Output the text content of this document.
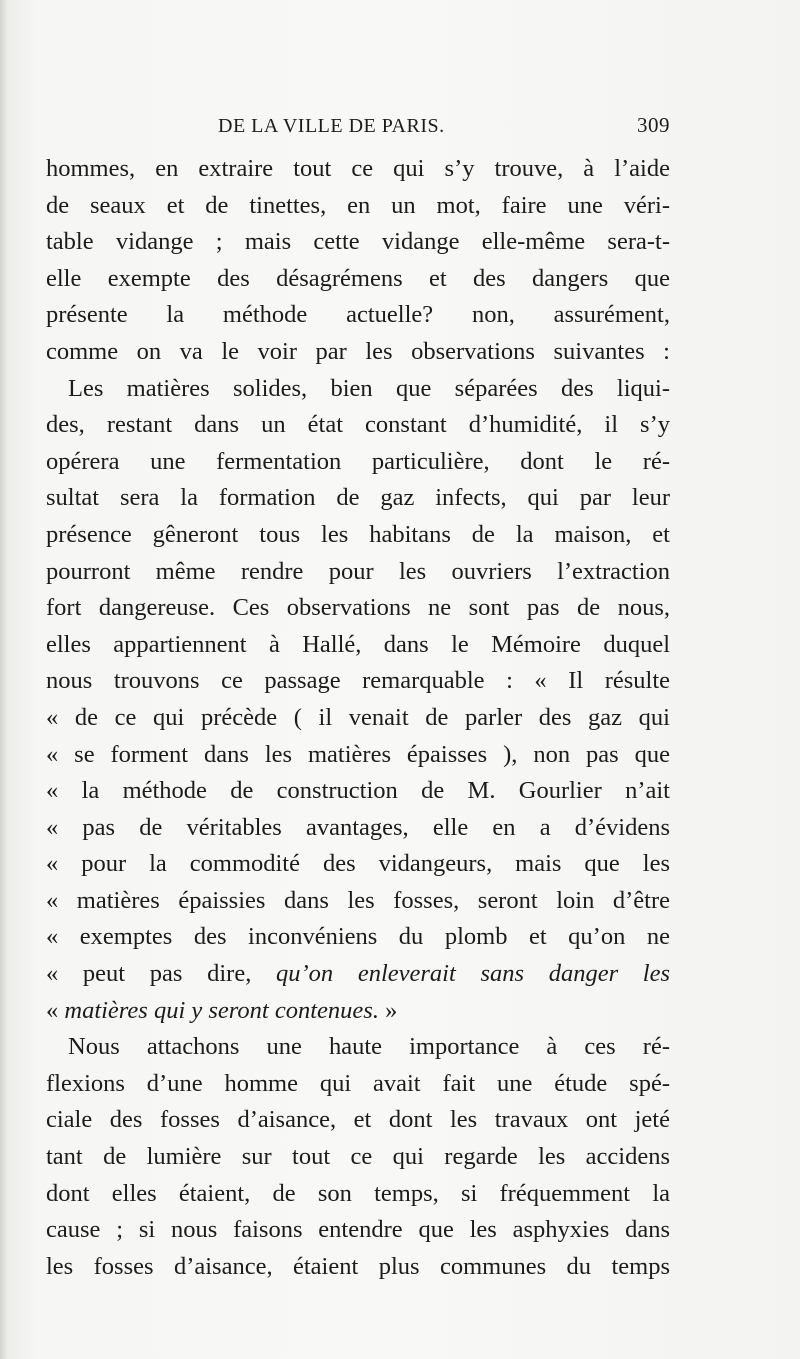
DE LA VILLE DE PARIS.	309
hommes, en extraire tout ce qui s’y trouve, à l’aide
de seaux et de tinettes, en un mot, faire une véri-
table vidange ; mais cette vidange elle-même sera-t-
elle exempte des désagrémens et des dangers que
présente la méthode actuelle? non, assurément,
comme on va le voir par les observations suivantes :
Les matières solides, bien que séparées des liqui-
des, restant dans un état constant d’humidité, il s’y
opérera une fermentation particulière, dont le ré-
sultat sera la formation de gaz infects, qui par leur
présence gêneront tous les habitans de la maison, et
pourront même rendre pour les ouvriers l’extraction
fort dangereuse. Ces observations ne sont pas de nous,
elles appartiennent à Hallé, dans le Mémoire duquel
nous trouvons ce passage remarquable : « Il résulte
« de ce qui précède ( il venait de parler des gaz qui
« se forment dans les matières épaisses ), non pas que
« la méthode de construction de M. Gourlier n’ait
« pas de véritables avantages, elle en a d’évidens
« pour la commodité des vidangeurs, mais que les
« matières épaissies dans les fosses, seront loin d’être
« exemptes des inconvéniens du plomb et qu’on ne
« peut pas dire, qu’on enleverait sans danger les
« matières qui y seront contenues. »
Nous attachons une haute importance à ces ré-
flexions d’une homme qui avait fait une étude spé-
ciale des fosses d’aisance, et dont les travaux ont jeté
tant de lumière sur tout ce qui regarde les accidens
dont elles étaient, de son temps, si fréquemment la
cause ; si nous faisons entendre que les asphyxies dans
les fosses d’aisance, étaient plus communes du temps
